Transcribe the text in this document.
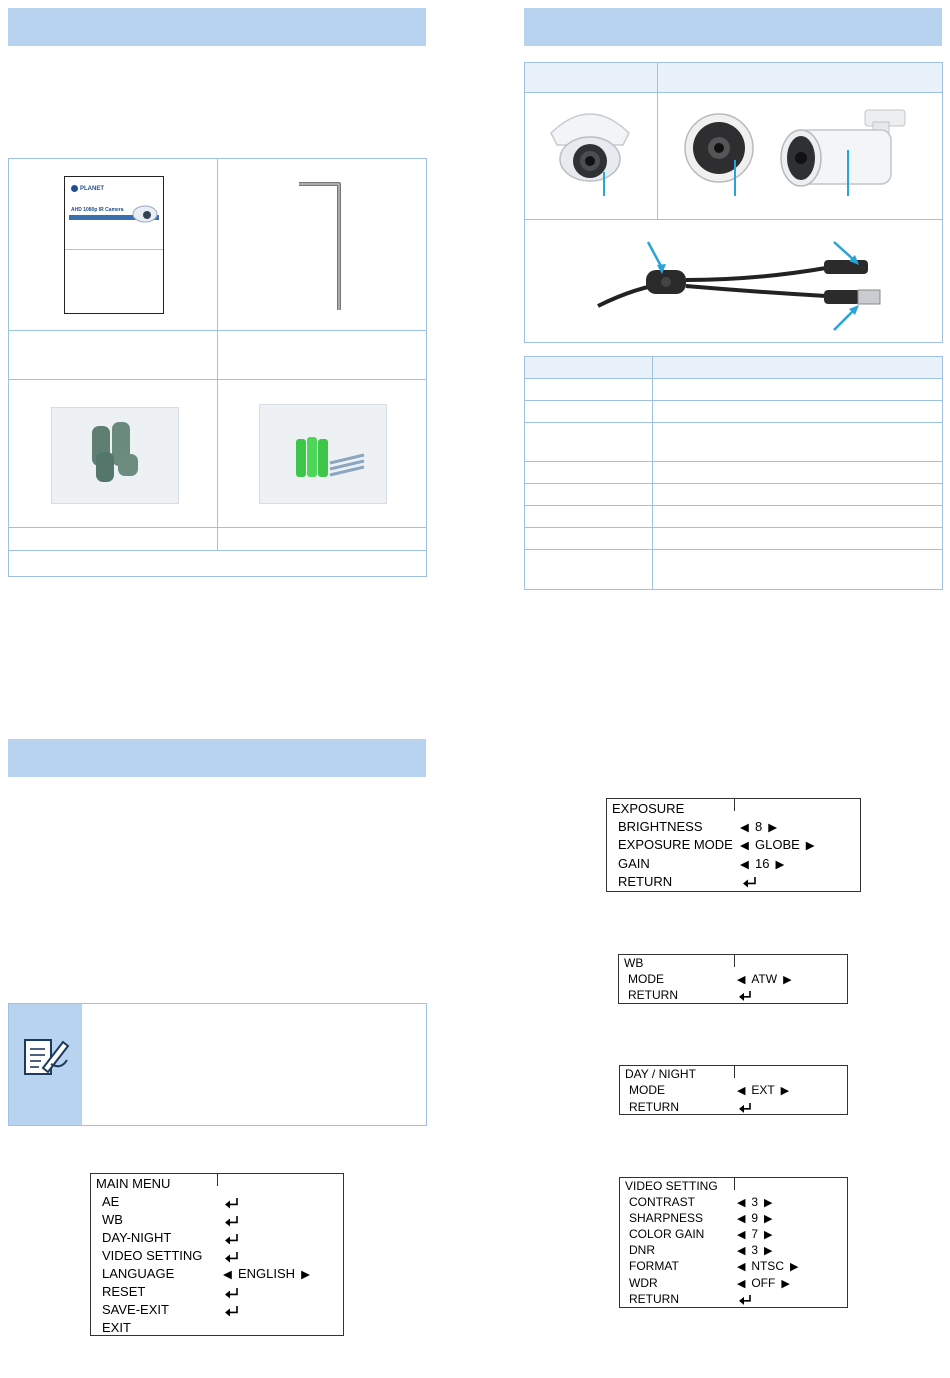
PLANET
AHD 1080p IR Camera
MAIN MENU
AE
WB
DAY-NIGHT
VIDEO SETTING
LANGUAGE	◀ ENGLISH ▶
RESET
SAVE-EXIT
EXIT
EXPOSURE
BRIGHTNESS	◀ 8 ▶
EXPOSURE MODE	◀ GLOBE ▶
GAIN	◀ 16 ▶
RETURN
WB
MODE	◀ ATW ▶
RETURN
DAY / NIGHT
MODE	◀ EXT ▶
RETURN
VIDEO SETTING
CONTRAST	◀ 3 ▶
SHARPNESS	◀ 9 ▶
COLOR GAIN	◀ 7 ▶
DNR	◀ 3 ▶
FORMAT	◀ NTSC ▶
WDR	◀ OFF ▶
RETURN
